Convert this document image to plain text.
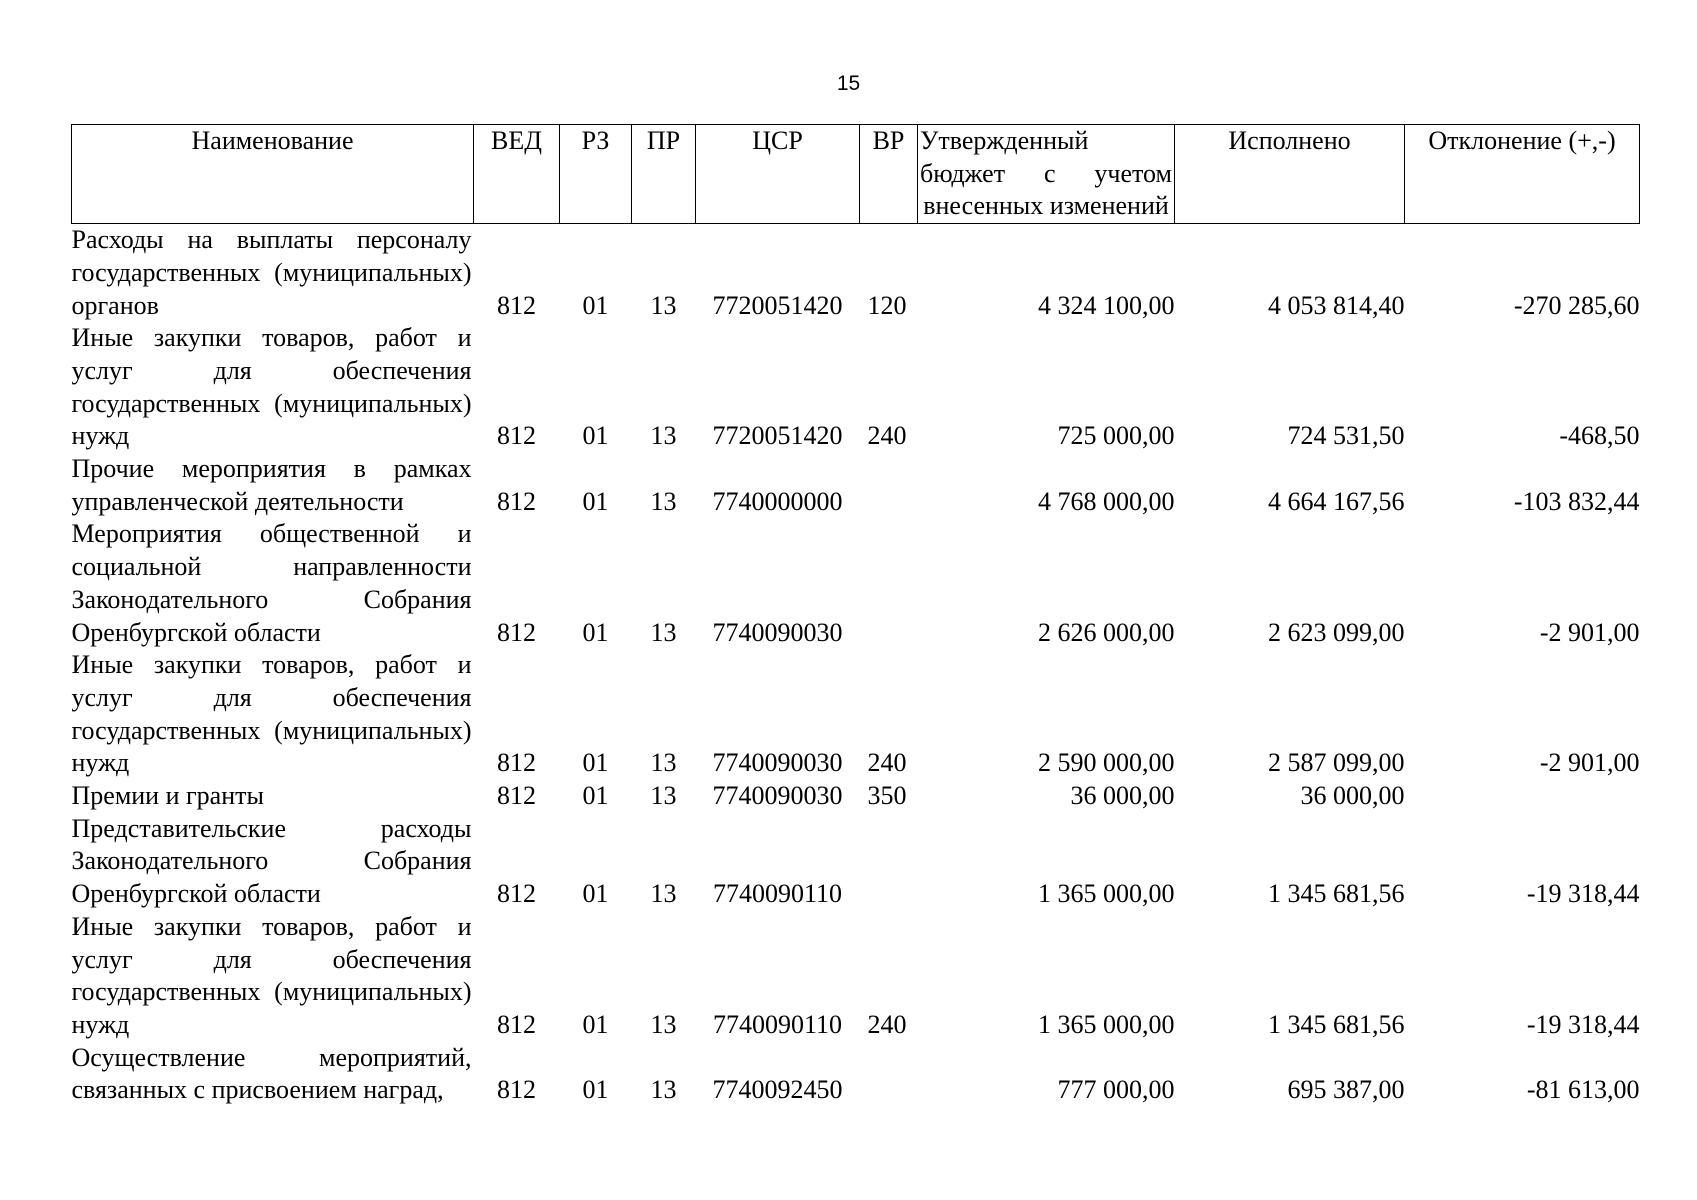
15
Наименование	ВЕД	РЗ	ПР	ЦСР	ВР	Утвержденный бюджет с учетом внесенных изменений	Исполнено	Отклонение (+,-)
Расходы на выплаты персоналу государственных (муниципальных) органов	812	01	13	7720051420	120	4 324 100,00	4 053 814,40	-270 285,60
Иные закупки товаров, работ и услуг для обеспечения государственных (муниципальных) нужд	812	01	13	7720051420	240	725 000,00	724 531,50	-468,50
Прочие мероприятия в рамках управленческой деятельности	812	01	13	7740000000		4 768 000,00	4 664 167,56	-103 832,44
Мероприятия общественной и социальной направленности Законодательного Собрания Оренбургской области	812	01	13	7740090030		2 626 000,00	2 623 099,00	-2 901,00
Иные закупки товаров, работ и услуг для обеспечения государственных (муниципальных) нужд	812	01	13	7740090030	240	2 590 000,00	2 587 099,00	-2 901,00
Премии и гранты	812	01	13	7740090030	350	36 000,00	36 000,00	
Представительские расходы Законодательного Собрания Оренбургской области	812	01	13	7740090110		1 365 000,00	1 345 681,56	-19 318,44
Иные закупки товаров, работ и услуг для обеспечения государственных (муниципальных) нужд	812	01	13	7740090110	240	1 365 000,00	1 345 681,56	-19 318,44
Осуществление мероприятий, связанных с присвоением наград,	812	01	13	7740092450		777 000,00	695 387,00	-81 613,00
